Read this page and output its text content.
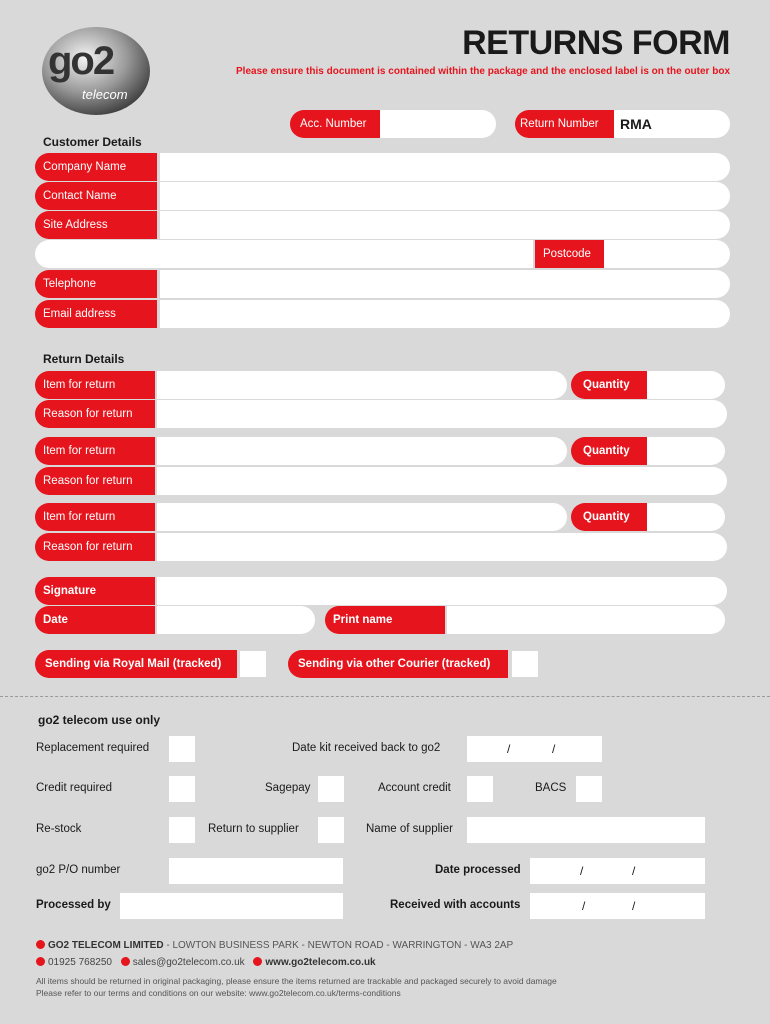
go2
telecom
RETURNS FORM
Please ensure this document is contained within the package and the enclosed label is on the outer box
Acc. Number	Return Number	RMA
Customer Details
Company Name
Contact Name
Site Address
Postcode
Telephone
Email address
Return Details
Item for return	Quantity
Reason for return
Item for return	Quantity
Reason for return
Item for return	Quantity
Reason for return
Signature
Date	Print name
Sending via Royal Mail (tracked)	Sending via other Courier (tracked)
go2 telecom use only
Replacement required	Date kit received back to go2	/	/
Credit required	Sagepay	Account credit	BACS
Re-stock	Return to supplier	Name of supplier
go2 P/O number	Date processed	/	/
Processed by	Received with accounts	/	/
GO2 TELECOM LIMITED - LOWTON BUSINESS PARK - NEWTON ROAD - WARRINGTON - WA3 2AP
01925 768250 sales@go2telecom.co.uk www.go2telecom.co.uk
All items should be returned in original packaging, please ensure the items returned are trackable and packaged securely to avoid damage
Please refer to our terms and conditions on our website: www.go2telecom.co.uk/terms-conditions
